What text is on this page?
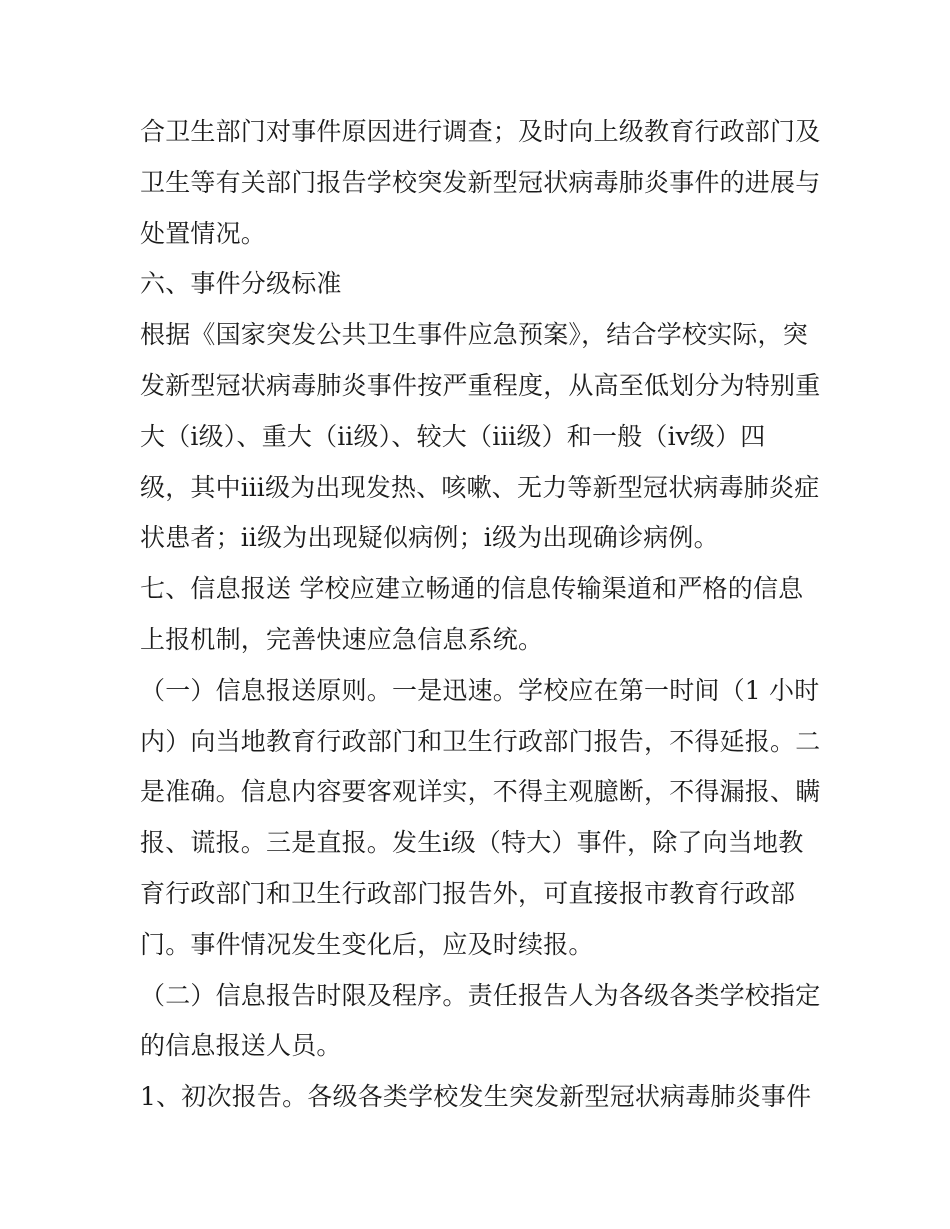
合卫生部门对事件原因进行调查；及时向上级教育行政部门及
卫生等有关部门报告学校突发新型冠状病毒肺炎事件的进展与
处置情况。
六、事件分级标准
根据《国家突发公共卫生事件应急预案》，结合学校实际，突
发新型冠状病毒肺炎事件按严重程度，从高至低划分为特别重
大（ⅰ级）、重大（ⅱ级）、较大（ⅲ级）和一般（ⅳ级）四
级，其中ⅲ级为出现发热、咳嗽、无力等新型冠状病毒肺炎症
状患者；ⅱ级为出现疑似病例；ⅰ级为出现确诊病例。
七、信息报送 学校应建立畅通的信息传输渠道和严格的信息
上报机制，完善快速应急信息系统。
（一）信息报送原则。一是迅速。学校应在第一时间（1 小时
内）向当地教育行政部门和卫生行政部门报告，不得延报。二
是准确。信息内容要客观详实，不得主观臆断，不得漏报、瞒
报、谎报。三是直报。发生ⅰ级（特大）事件，除了向当地教
育行政部门和卫生行政部门报告外，可直接报市教育行政部
门。事件情况发生变化后，应及时续报。
（二）信息报告时限及程序。责任报告人为各级各类学校指定
的信息报送人员。
1、初次报告。各级各类学校发生突发新型冠状病毒肺炎事件
